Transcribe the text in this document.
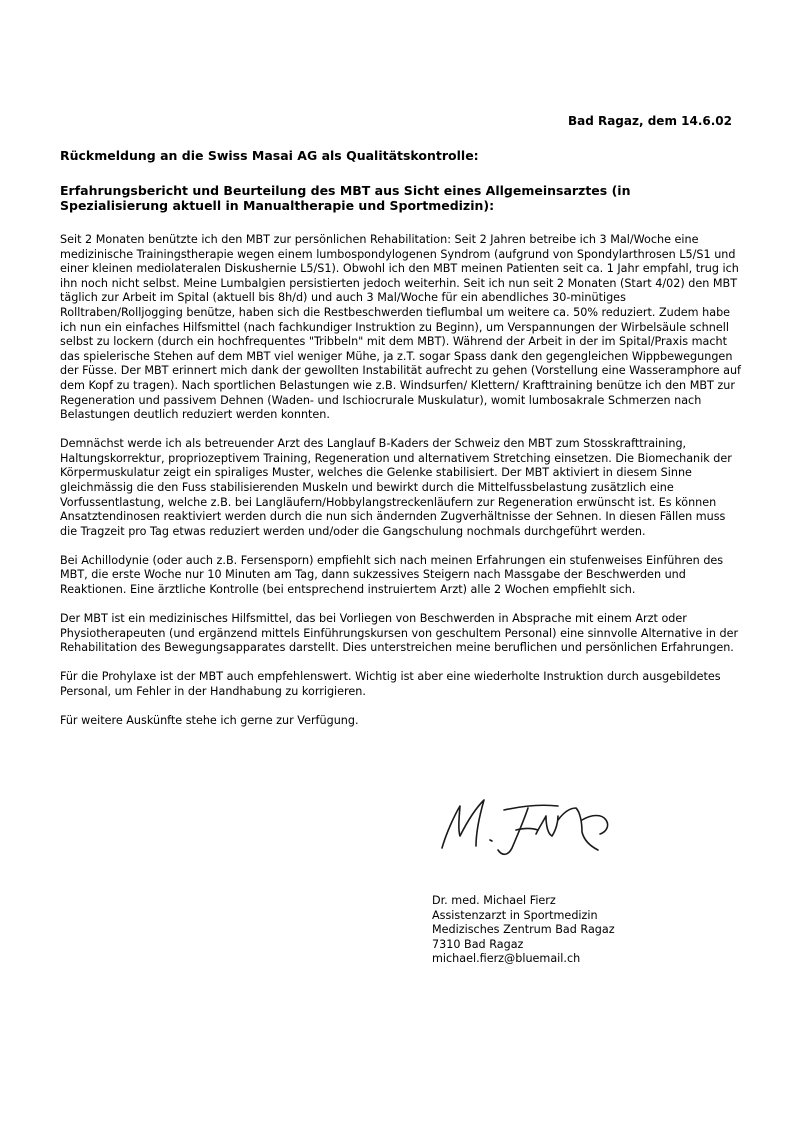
Bad Ragaz, dem 14.6.02
Rückmeldung an die Swiss Masai AG als Qualitätskontrolle:
Erfahrungsbericht und Beurteilung des MBT aus Sicht eines Allgemeinsarztes (in
Spezialisierung aktuell in Manualtherapie und Sportmedizin):

Seit 2 Monaten benützte ich den MBT zur persönlichen Rehabilitation: Seit 2 Jahren betreibe ich 3 Mal/Woche eine medizinische Trainingstherapie wegen einem lumbospondylogenen Syndrom (aufgrund von Spondylarthrosen L5/S1 und einer kleinen mediolateralen Diskushernie L5/S1). Obwohl ich den MBT meinen Patienten seit ca. 1 Jahr empfahl, trug ich ihn noch nicht selbst. Meine Lumbalgien persistierten jedoch weiterhin. Seit ich nun seit 2 Monaten (Start 4/02) den MBT täglich zur Arbeit im Spital (aktuell bis 8h/d) und auch 3 Mal/Woche für ein abendliches 30-minütiges Rolltraben/Rolljogging benütze, haben sich die Restbeschwerden tieflumbal um weitere ca. 50% reduziert. Zudem habe ich nun ein einfaches Hilfsmittel (nach fachkundiger Instruktion zu Beginn), um Verspannungen der Wirbelsäule schnell selbst zu lockern (durch ein hochfrequentes "Tribbeln" mit dem MBT). Während der Arbeit in der im Spital/Praxis macht das spielerische Stehen auf dem MBT viel weniger Mühe, ja z.T. sogar Spass dank den gegengleichen Wippbewegungen der Füsse. Der MBT erinnert mich dank der gewollten Instabilität aufrecht zu gehen (Vorstellung eine Wasseramphore auf dem Kopf zu tragen). Nach sportlichen Belastungen wie z.B. Windsurfen/ Klettern/ Krafttraining benütze ich den MBT zur Regeneration und passivem Dehnen (Waden- und Ischiocrurale Muskulatur), womit lumbosakrale Schmerzen nach Belastungen deutlich reduziert werden konnten.

Demnächst werde ich als betreuender Arzt des Langlauf B-Kaders der Schweiz den MBT zum Stosskrafttraining, Haltungskorrektur, propriozeptivem Training, Regeneration und alternativem Stretching einsetzen. Die Biomechanik der Körpermuskulatur zeigt ein spiraliges Muster, welches die Gelenke stabilisiert. Der MBT aktiviert in diesem Sinne gleichmässig die den Fuss stabilisierenden Muskeln und bewirkt durch die Mittelfussbelastung zusätzlich eine Vorfussentlastung, welche z.B. bei Langläufern/Hobbylangstreckenläufern zur Regeneration erwünscht ist. Es können Ansatztendinosen reaktiviert werden durch die nun sich ändernden Zugverhältnisse der Sehnen. In diesen Fällen muss die Tragzeit pro Tag etwas reduziert werden und/oder die Gangschulung nochmals durchgeführt werden.

Bei Achillodynie (oder auch z.B. Fersensporn) empfiehlt sich nach meinen Erfahrungen ein stufenweises Einführen des MBT, die erste Woche nur 10 Minuten am Tag, dann sukzessives Steigern nach Massgabe der Beschwerden und Reaktionen. Eine ärztliche Kontrolle (bei entsprechend instruiertem Arzt) alle 2 Wochen empfiehlt sich.

Der MBT ist ein medizinisches Hilfsmittel, das bei Vorliegen von Beschwerden in Absprache mit einem Arzt oder Physiotherapeuten (und ergänzend mittels Einführungskursen von geschultem Personal) eine sinnvolle Alternative in der Rehabilitation des Bewegungsapparates darstellt. Dies unterstreichen meine beruflichen und persönlichen Erfahrungen.

Für die Prohylaxe ist der MBT auch empfehlenswert. Wichtig ist aber eine wiederholte Instruktion durch ausgebildetes Personal, um Fehler in der Handhabung zu korrigieren.

Für weitere Auskünfte stehe ich gerne zur Verfügung.

Dr. med. Michael Fierz
Assistenzarzt in Sportmedizin
Medizisches Zentrum Bad Ragaz
7310 Bad Ragaz
michael.fierz@bluemail.ch
